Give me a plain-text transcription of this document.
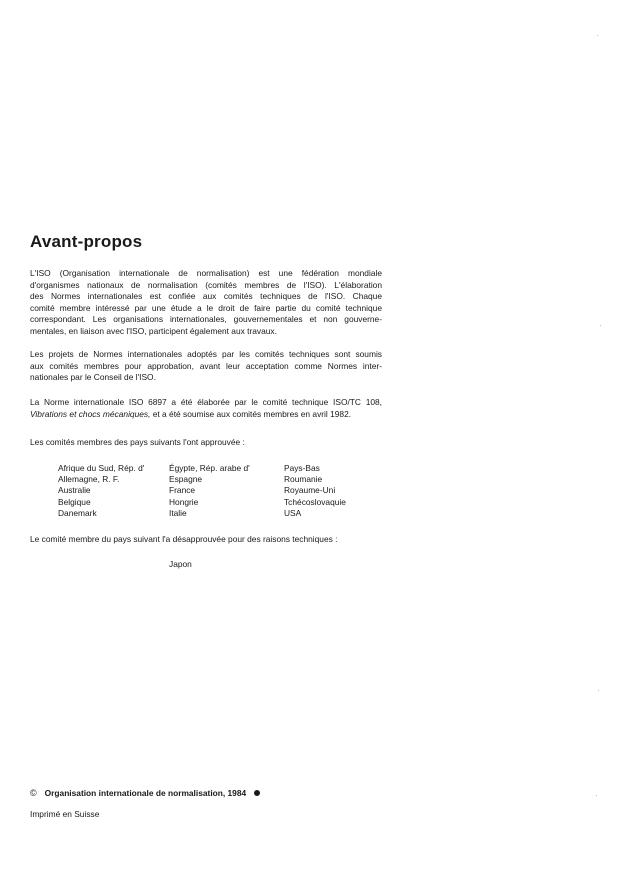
Avant-propos

L'ISO (Organisation internationale de normalisation) est une fédération mondiale
d'organismes nationaux de normalisation (comités membres de l'ISO). L'élaboration
des Normes internationales est confiée aux comités techniques de l'ISO. Chaque
comité membre intéressé par une étude a le droit de faire partie du comité technique
correspondant. Les organisations internationales, gouvernementales et non gouverne-
mentales, en liaison avec l'ISO, participent également aux travaux.

Les projets de Normes internationales adoptés par les comités techniques sont soumis
aux comités membres pour approbation, avant leur acceptation comme Normes inter-
nationales par le Conseil de l'ISO.

La Norme internationale ISO 6897 a été élaborée par le comité technique ISO/TC 108,
Vibrations et chocs mécaniques, et a été soumise aux comités membres en avril 1982.

Les comités membres des pays suivants l'ont approuvée :

Afrique du Sud, Rép. d'
Allemagne, R. F.
Australie
Belgique
Danemark
Égypte, Rép. arabe d'
Espagne
France
Hongrie
Italie
Pays-Bas
Roumanie
Royaume-Uni
Tchécoslovaquie
USA

Le comité membre du pays suivant l'a désapprouvée pour des raisons techniques :

Japon
© Organisation internationale de normalisation, 1984
Imprimé en Suisse
